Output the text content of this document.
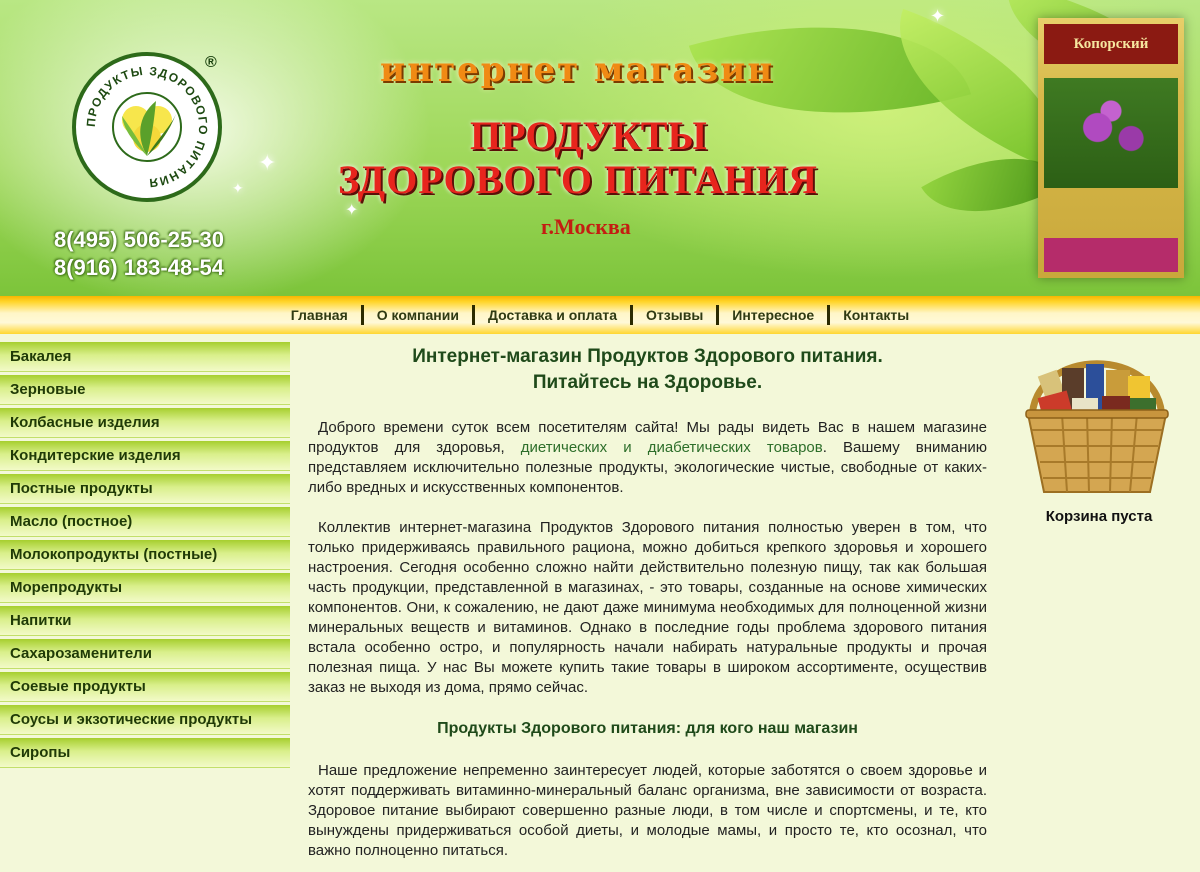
✦
✦
✦
✦
ПРОДУКТЫ ЗДОРОВОГО ПИТАНИЯ
®
8(495) 506-25-30
8(916) 183-48-54
интернет магазин
ПРОДУКТЫ
ЗДОРОВОГО ПИТАНИЯ
г.Москва
Копорский
Главная	О компании	Доставка и оплата	Отзывы	Интересное	Контакты
Бакалея
Зерновые
Колбасные изделия
Кондитерские изделия
Постные продукты
Масло (постное)
Молокопродукты (постные)
Морепродукты
Напитки
Сахарозаменители
Соевые продукты
Соусы и экзотические продукты
Сиропы
Интернет-магазин Продуктов Здорового питания.
Питайтесь на Здоровье.

Доброго времени суток всем посетителям сайта! Мы рады видеть Вас в нашем магазине продуктов для здоровья, диетических и диабетических товаров. Вашему вниманию представляем исключительно полезные продукты, экологические чистые, свободные от каких-либо вредных и искусственных компонентов.

Коллектив интернет-магазина Продуктов Здорового питания полностью уверен в том, что только придерживаясь правильного рациона, можно добиться крепкого здоровья и хорошего настроения. Сегодня особенно сложно найти действительно полезную пищу, так как большая часть продукции, представленной в магазинах, - это товары, созданные на основе химических компонентов. Они, к сожалению, не дают даже минимума необходимых для полноценной жизни минеральных веществ и витаминов. Однако в последние годы проблема здорового питания встала особенно остро, и популярность начали набирать натуральные продукты и прочая полезная пища. У нас Вы можете купить такие товары в широком ассортименте, осуществив заказ не выходя из дома, прямо сейчас.

Продукты Здорового питания: для кого наш магазин

Наше предложение непременно заинтересует людей, которые заботятся о своем здоровье и хотят поддерживать витаминно-минеральный баланс организма, вне зависимости от возраста. Здоровое питание выбирают совершенно разные люди, в том числе и спортсмены, и те, кто вынуждены придерживаться особой диеты, и молодые мамы, и просто те, кто осознал, что важно полноценно питаться.

Корзина пуста
